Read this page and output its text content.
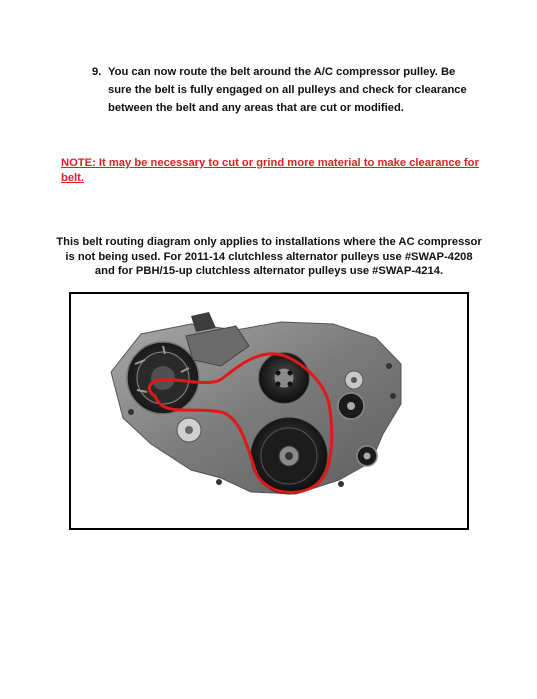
9. You can now route the belt around the A/C compressor pulley. Be
sure the belt is fully engaged on all pulleys and check for clearance
between the belt and any areas that are cut or modified.
NOTE: It may be necessary to cut or grind more material to make clearance for
belt.
This belt routing diagram only applies to installations where the AC compressor
is not being used. For 2011-14 clutchless alternator pulleys use #SWAP-4208
and for PBH/15-up clutchless alternator pulleys use #SWAP-4214.
